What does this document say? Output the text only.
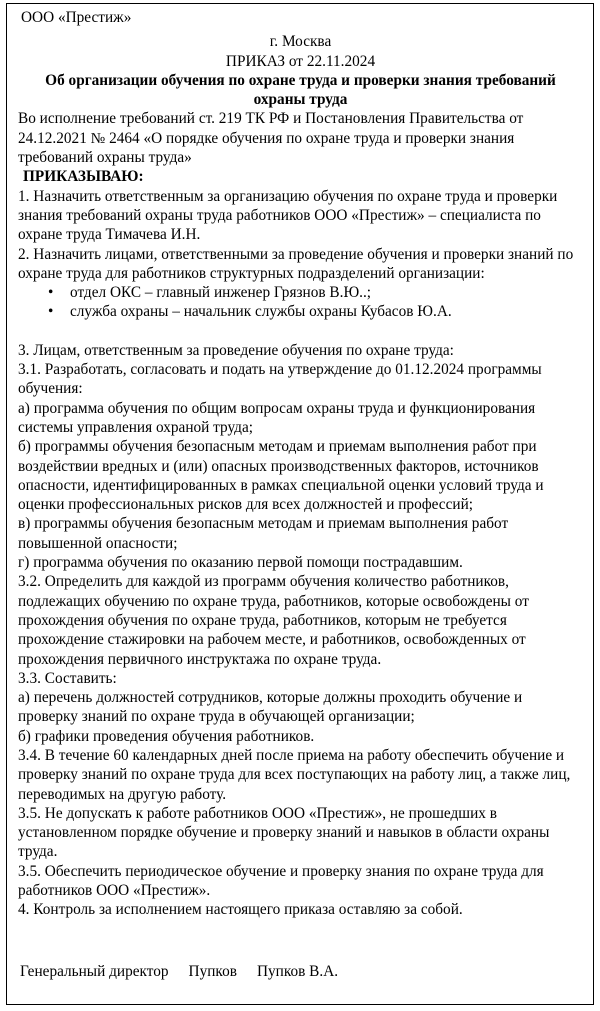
ООО «Престиж»

г. Москва

ПРИКАЗ от 22.11.2024

Об организации обучения по охране труда и проверки знания требований охраны труда

Во исполнение требований ст. 219 ТК РФ и Постановления Правительства от 24.12.2021 № 2464 «О порядке обучения по охране труда и проверки знания требований охраны труда»

ПРИКАЗЫВАЮ:

1. Назначить ответственным за организацию обучения по охране труда и проверки знания требований охраны труда работников ООО «Престиж» – специалиста по охране труда Тимачева И.Н.

2. Назначить лицами, ответственными за проведение обучения и проверки знаний по охране труда для работников структурных подразделений организации:

• отдел ОКС – главный инженер Грязнов В.Ю..;
• служба охраны – начальник службы охраны Кубасов Ю.А.

3. Лицам, ответственным за проведение обучения по охране труда:

3.1. Разработать, согласовать и подать на утверждение до 01.12.2024 программы обучения:

а) программа обучения по общим вопросам охраны труда и функционирования системы управления охраной труда;

б) программы обучения безопасным методам и приемам выполнения работ при воздействии вредных и (или) опасных производственных факторов, источников опасности, идентифицированных в рамках специальной оценки условий труда и оценки профессиональных рисков для всех должностей и профессий;

в) программы обучения безопасным методам и приемам выполнения работ повышенной опасности;

г) программа обучения по оказанию первой помощи пострадавшим.

3.2. Определить для каждой из программ обучения количество работников, подлежащих обучению по охране труда, работников, которые освобождены от прохождения обучения по охране труда, работников, которым не требуется прохождение стажировки на рабочем месте, и работников, освобожденных от прохождения первичного инструктажа по охране труда.

3.3. Составить:

а) перечень должностей сотрудников, которые должны проходить обучение и проверку знаний по охране труда в обучающей организации;

б) графики проведения обучения работников.

3.4. В течение 60 календарных дней после приема на работу обеспечить обучение и проверку знаний по охране труда для всех поступающих на работу лиц, а также лиц, переводимых на другую работу.

3.5. Не допускать к работе работников ООО «Престиж», не прошедших в установленном порядке обучение и проверку знаний и навыков в области охраны труда.

3.5. Обеспечить периодическое обучение и проверку знания по охране труда для работников ООО «Престиж».

4. Контроль за исполнением настоящего приказа оставляю за собой.

Генеральный директор Пупков Пупков В.А.
